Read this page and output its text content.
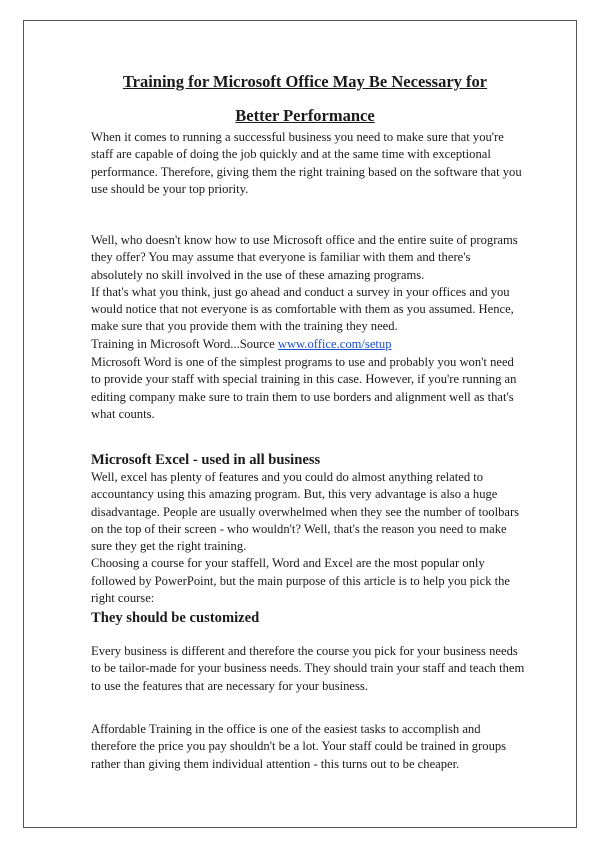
Training for Microsoft Office May Be Necessary for
Better Performance

When it comes to running a successful business you need to make sure that you're
staff are capable of doing the job quickly and at the same time with exceptional
performance. Therefore, giving them the right training based on the software that you
use should be your top priority.

Well, who doesn't know how to use Microsoft office and the entire suite of programs
they offer? You may assume that everyone is familiar with them and there's
absolutely no skill involved in the use of these amazing programs.
If that's what you think, just go ahead and conduct a survey in your offices and you
would notice that not everyone is as comfortable with them as you assumed. Hence,
make sure that you provide them with the training they need.
Training in Microsoft Word...Source www.office.com/setup

Microsoft Word is one of the simplest programs to use and probably you won't need
to provide your staff with special training in this case. However, if you're running an
editing company make sure to train them to use borders and alignment well as that's
what counts.

Microsoft Excel - used in all business

Well, excel has plenty of features and you could do almost anything related to
accountancy using this amazing program. But, this very advantage is also a huge
disadvantage. People are usually overwhelmed when they see the number of toolbars
on the top of their screen - who wouldn't? Well, that's the reason you need to make
sure they get the right training.
Choosing a course for your staffell, Word and Excel are the most popular only
followed by PowerPoint, but the main purpose of this article is to help you pick the
right course:

They should be customized

Every business is different and therefore the course you pick for your business needs
to be tailor-made for your business needs. They should train your staff and teach them
to use the features that are necessary for your business.

Affordable Training in the office is one of the easiest tasks to accomplish and
therefore the price you pay shouldn't be a lot. Your staff could be trained in groups
rather than giving them individual attention - this turns out to be cheaper.
